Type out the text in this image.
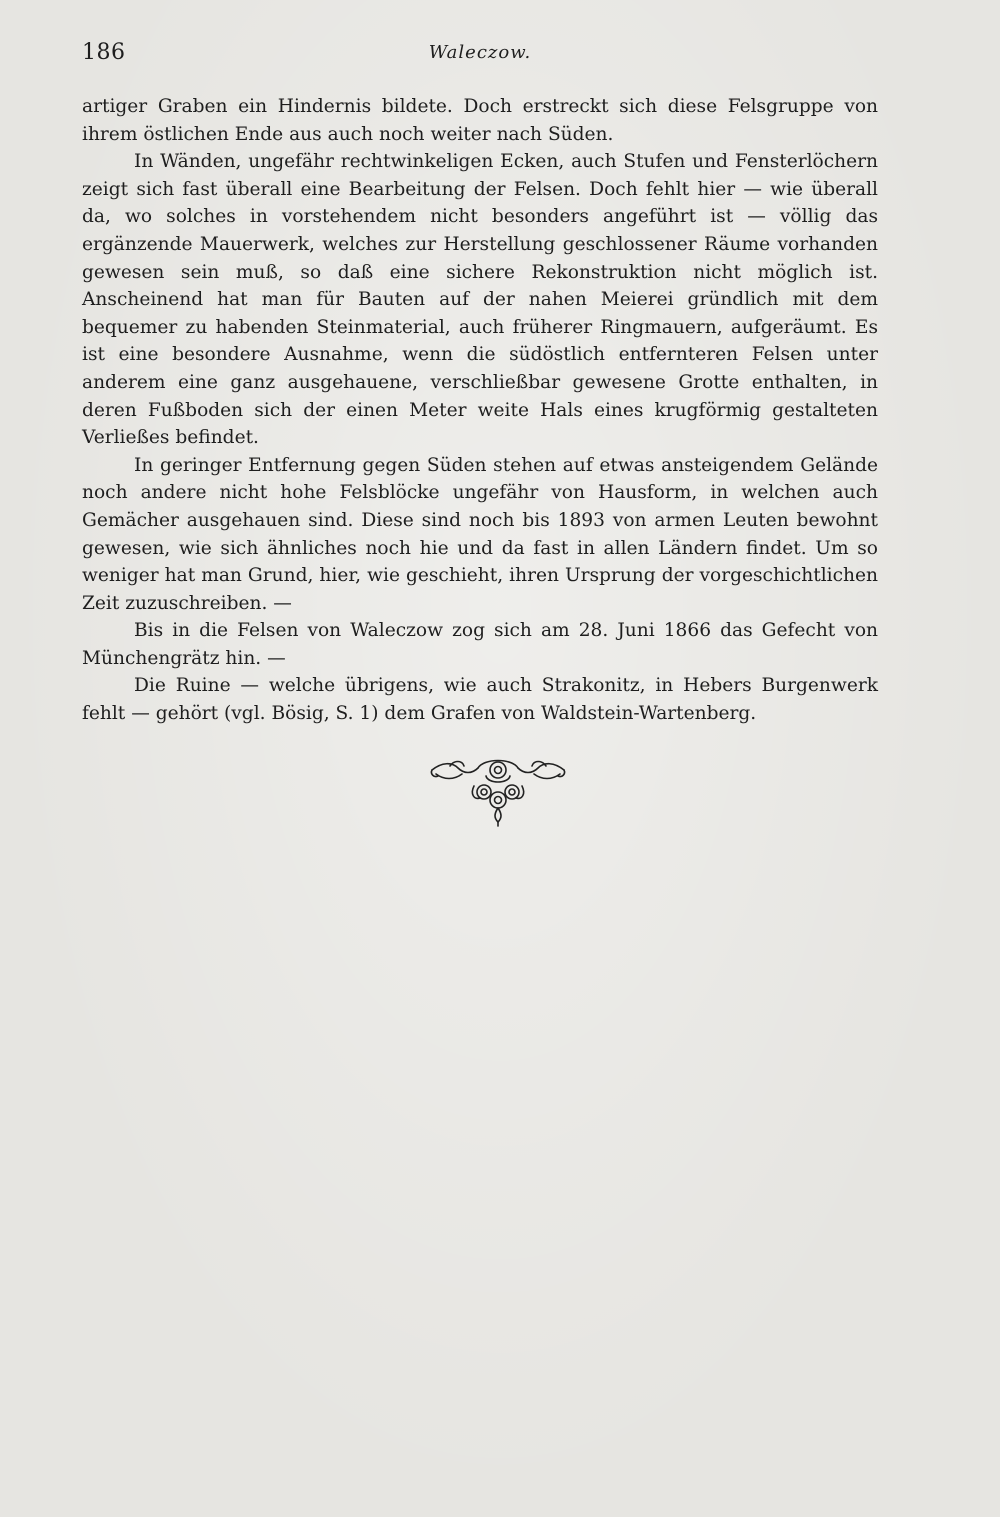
186	Waleczow.

artiger Graben ein Hindernis bildete. Doch erstreckt sich diese Felsgruppe von ihrem östlichen Ende aus auch noch weiter nach Süden.

In Wänden, ungefähr rechtwinkeligen Ecken, auch Stufen und Fensterlöchern zeigt sich fast überall eine Bearbeitung der Felsen. Doch fehlt hier — wie überall da, wo solches in vorstehendem nicht besonders angeführt ist — völlig das ergänzende Mauerwerk, welches zur Herstellung geschlossener Räume vorhanden gewesen sein muß, so daß eine sichere Rekonstruktion nicht möglich ist. Anscheinend hat man für Bauten auf der nahen Meierei gründlich mit dem bequemer zu habenden Steinmaterial, auch früherer Ringmauern, aufgeräumt. Es ist eine besondere Ausnahme, wenn die südöstlich entfernteren Felsen unter anderem eine ganz ausgehauene, verschließbar gewesene Grotte enthalten, in deren Fußboden sich der einen Meter weite Hals eines krugförmig gestalteten Verließes befindet.

In geringer Entfernung gegen Süden stehen auf etwas ansteigendem Gelände noch andere nicht hohe Felsblöcke ungefähr von Hausform, in welchen auch Gemächer ausgehauen sind. Diese sind noch bis 1893 von armen Leuten bewohnt gewesen, wie sich ähnliches noch hie und da fast in allen Ländern findet. Um so weniger hat man Grund, hier, wie geschieht, ihren Ursprung der vorgeschichtlichen Zeit zuzuschreiben. —

Bis in die Felsen von Waleczow zog sich am 28. Juni 1866 das Gefecht von Münchengrätz hin. —

Die Ruine — welche übrigens, wie auch Strakonitz, in Hebers Burgenwerk fehlt — gehört (vgl. Bösig, S. 1) dem Grafen von Waldstein-Wartenberg.
